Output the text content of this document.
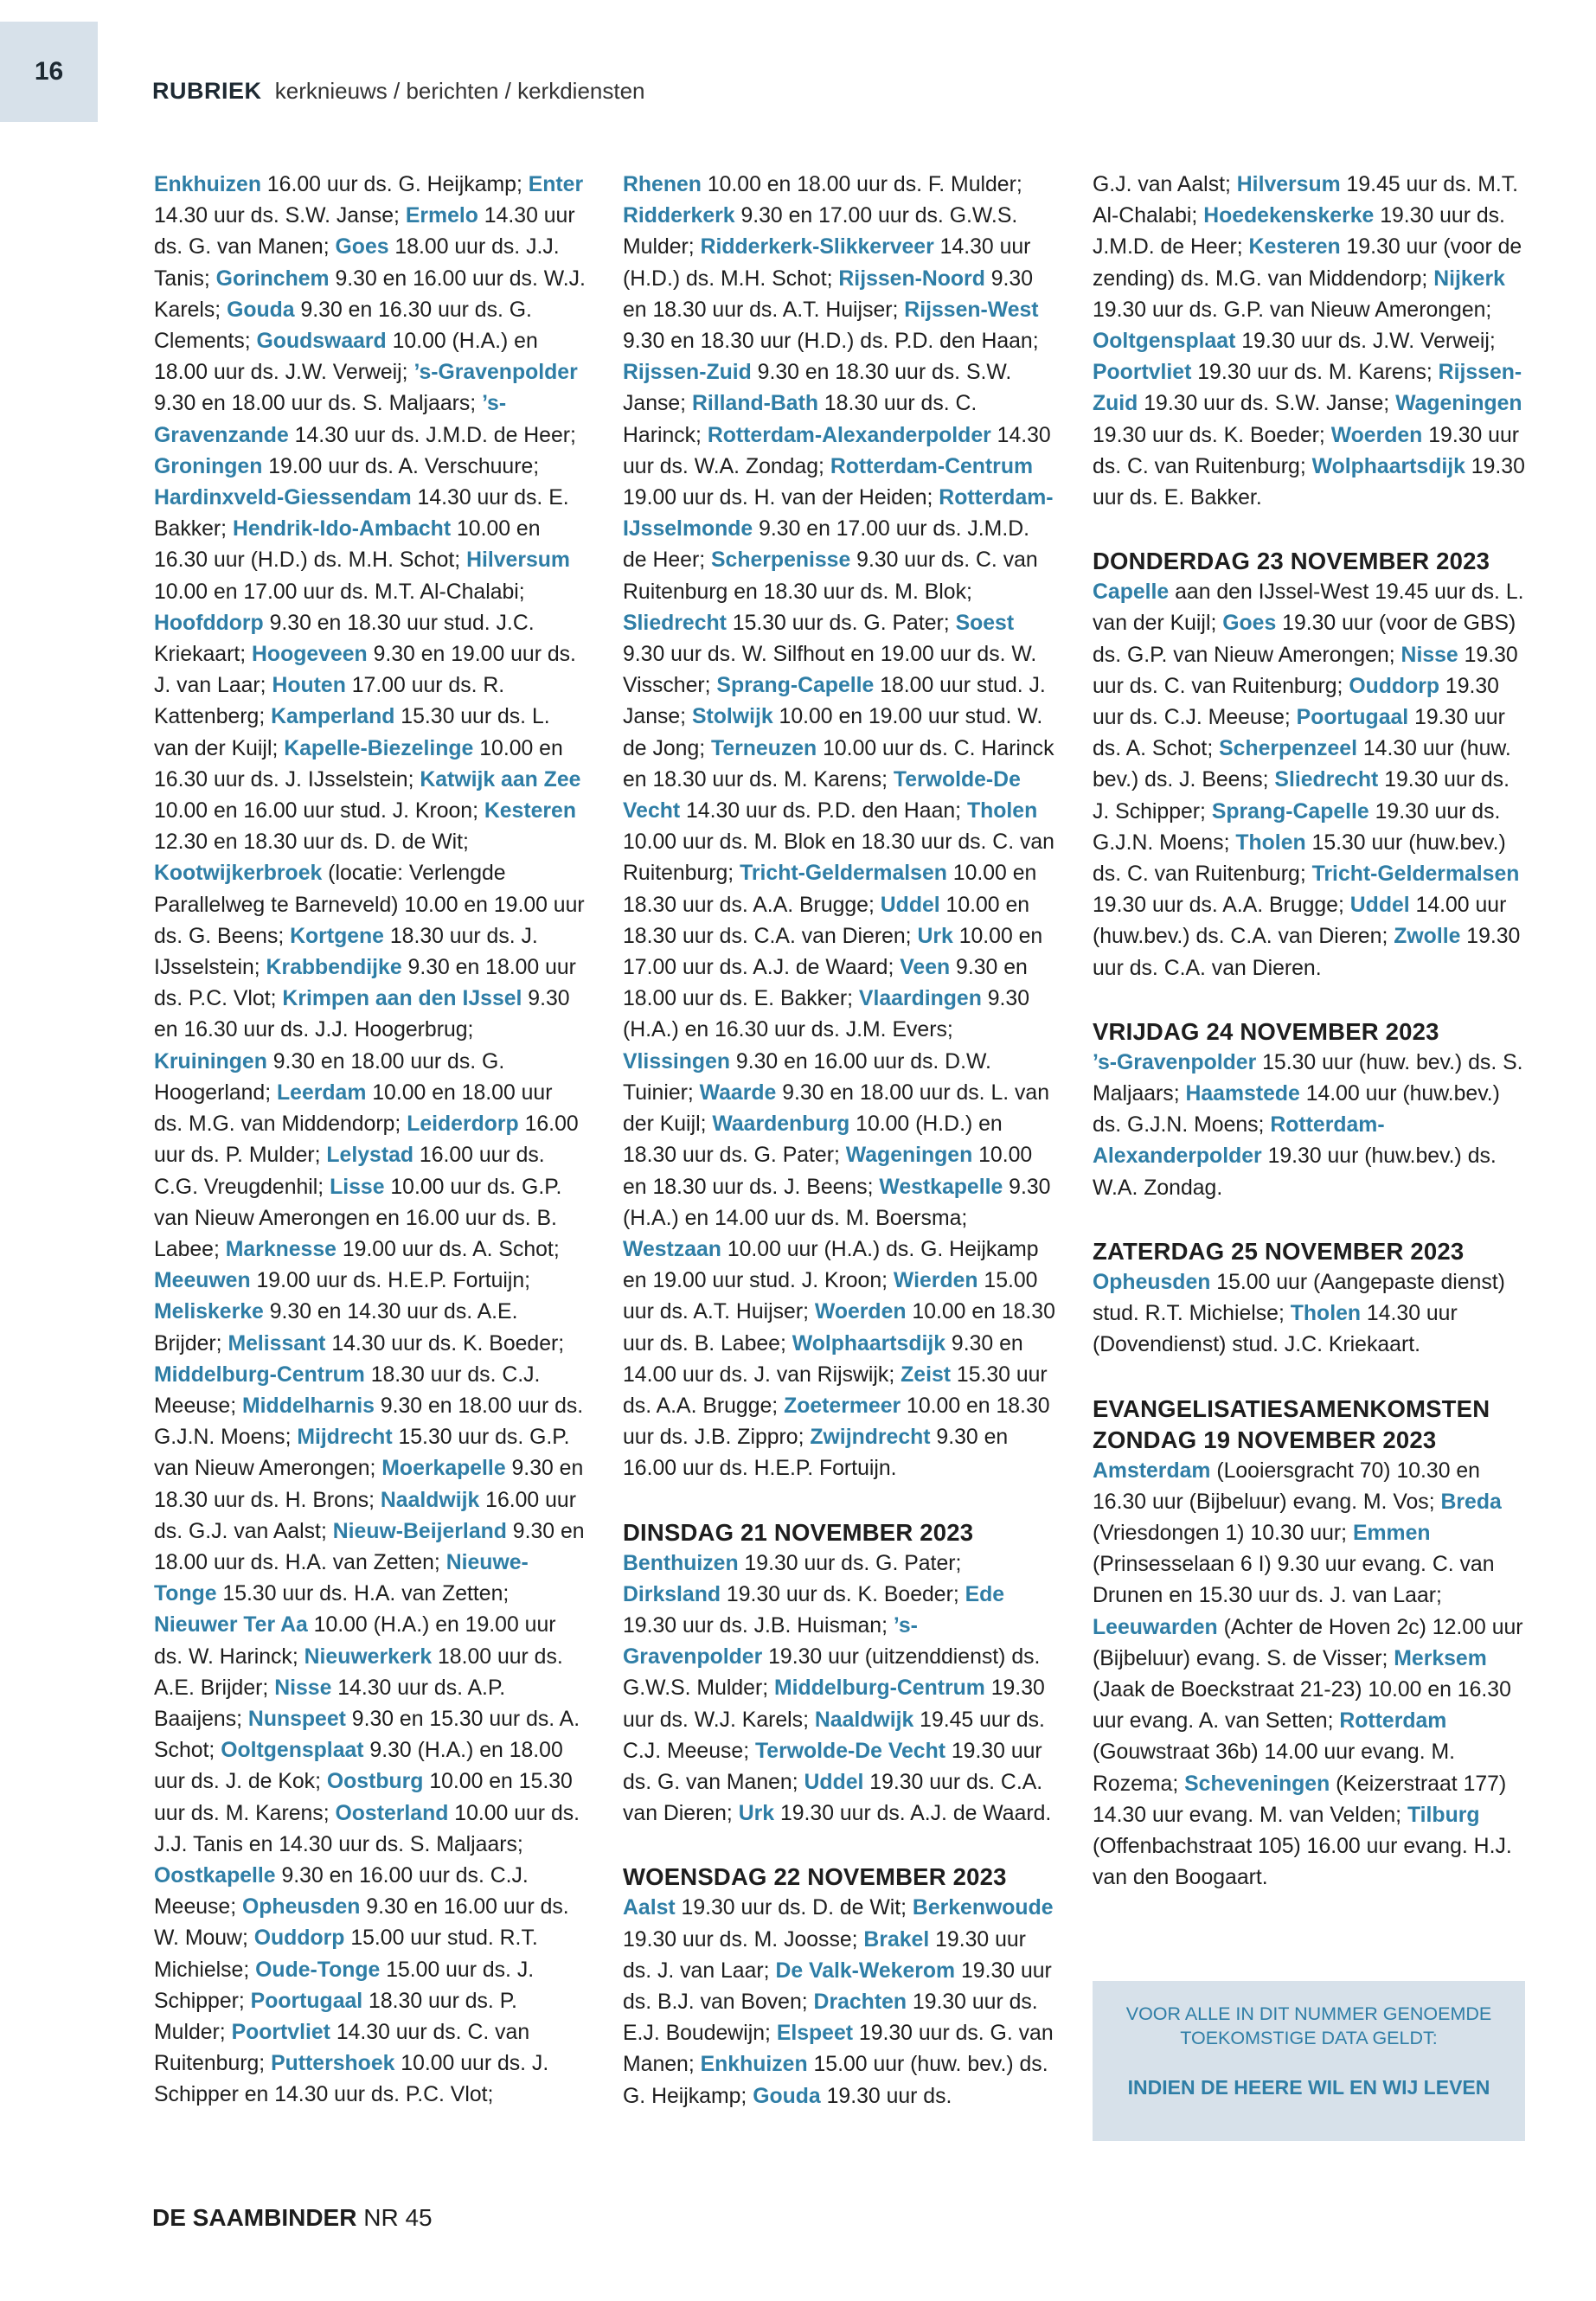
16
RUBRIEK kerknieuws / berichten / kerkdiensten

Enkhuizen 16.00 uur ds. G. Heijkamp; Enter 14.30 uur ds. S.W. Janse; Ermelo 14.30 uur ds. G. van Manen; Goes 18.00 uur ds. J.J. Tanis; Gorinchem 9.30 en 16.00 uur ds. W.J. Karels; Gouda 9.30 en 16.30 uur ds. G. Clements; Goudswaard 10.00 (H.A.) en 18.00 uur ds. J.W. Verweij; ’s-Gravenpolder 9.30 en 18.00 uur ds. S. Maljaars; ’s-Gravenzande 14.30 uur ds. J.M.D. de Heer; Groningen 19.00 uur ds. A. Verschuure; Hardinxveld-Giessendam 14.30 uur ds. E. Bakker; Hendrik-Ido-Ambacht 10.00 en 16.30 uur (H.D.) ds. M.H. Schot; Hilversum 10.00 en 17.00 uur ds. M.T. Al-Chalabi; Hoofddorp 9.30 en 18.30 uur stud. J.C. Kriekaart; Hoogeveen 9.30 en 19.00 uur ds. J. van Laar; Houten 17.00 uur ds. R. Kattenberg; Kamperland 15.30 uur ds. L. van der Kuijl; Kapelle-Biezelinge 10.00 en 16.30 uur ds. J. IJsselstein; Katwijk aan Zee 10.00 en 16.00 uur stud. J. Kroon; Kesteren 12.30 en 18.30 uur ds. D. de Wit; Kootwijkerbroek (locatie: Verlengde Parallelweg te Barneveld) 10.00 en 19.00 uur ds. G. Beens; Kortgene 18.30 uur ds. J. IJsselstein; Krabbendijke 9.30 en 18.00 uur ds. P.C. Vlot; Krimpen aan den IJssel 9.30 en 16.30 uur ds. J.J. Hoogerbrug; Kruiningen 9.30 en 18.00 uur ds. G. Hoogerland; Leerdam 10.00 en 18.00 uur ds. M.G. van Middendorp; Leiderdorp 16.00 uur ds. P. Mulder; Lelystad 16.00 uur ds. C.G. Vreugdenhil; Lisse 10.00 uur ds. G.P. van Nieuw Amerongen en 16.00 uur ds. B. Labee; Marknesse 19.00 uur ds. A. Schot; Meeuwen 19.00 uur ds. H.E.P. Fortuijn; Meliskerke 9.30 en 14.30 uur ds. A.E. Brijder; Melissant 14.30 uur ds. K. Boeder; Middelburg-Centrum 18.30 uur ds. C.J. Meeuse; Middelharnis 9.30 en 18.00 uur ds. G.J.N. Moens; Mijdrecht 15.30 uur ds. G.P. van Nieuw Amerongen; Moerkapelle 9.30 en 18.30 uur ds. H. Brons; Naaldwijk 16.00 uur ds. G.J. van Aalst; Nieuw-Beijerland 9.30 en 18.00 uur ds. H.A. van Zetten; Nieuwe-Tonge 15.30 uur ds. H.A. van Zetten; Nieuwer Ter Aa 10.00 (H.A.) en 19.00 uur ds. W. Harinck; Nieuwerkerk 18.00 uur ds. A.E. Brijder; Nisse 14.30 uur ds. A.P. Baaijens; Nunspeet 9.30 en 15.30 uur ds. A. Schot; Ooltgensplaat 9.30 (H.A.) en 18.00 uur ds. J. de Kok; Oostburg 10.00 en 15.30 uur ds. M. Karens; Oosterland 10.00 uur ds. J.J. Tanis en 14.30 uur ds. S. Maljaars; Oostkapelle 9.30 en 16.00 uur ds. C.J. Meeuse; Opheusden 9.30 en 16.00 uur ds. W. Mouw; Ouddorp 15.00 uur stud. R.T. Michielse; Oude-Tonge 15.00 uur ds. J. Schipper; Poortugaal 18.30 uur ds. P. Mulder; Poortvliet 14.30 uur ds. C. van Ruitenburg; Puttershoek 10.00 uur ds. J. Schipper en 14.30 uur ds. P.C. Vlot;

Rhenen 10.00 en 18.00 uur ds. F. Mulder; Ridderkerk 9.30 en 17.00 uur ds. G.W.S. Mulder; Ridderkerk-Slikkerveer 14.30 uur (H.D.) ds. M.H. Schot; Rijssen-Noord 9.30 en 18.30 uur ds. A.T. Huijser; Rijssen-West 9.30 en 18.30 uur (H.D.) ds. P.D. den Haan; Rijssen-Zuid 9.30 en 18.30 uur ds. S.W. Janse; Rilland-Bath 18.30 uur ds. C. Harinck; Rotterdam-Alexanderpolder 14.30 uur ds. W.A. Zondag; Rotterdam-Centrum 19.00 uur ds. H. van der Heiden; Rotterdam-IJsselmonde 9.30 en 17.00 uur ds. J.M.D. de Heer; Scherpenisse 9.30 uur ds. C. van Ruitenburg en 18.30 uur ds. M. Blok; Sliedrecht 15.30 uur ds. G. Pater; Soest 9.30 uur ds. W. Silfhout en 19.00 uur ds. W. Visscher; Sprang-Capelle 18.00 uur stud. J. Janse; Stolwijk 10.00 en 19.00 uur stud. W. de Jong; Terneuzen 10.00 uur ds. C. Harinck en 18.30 uur ds. M. Karens; Terwolde-De Vecht 14.30 uur ds. P.D. den Haan; Tholen 10.00 uur ds. M. Blok en 18.30 uur ds. C. van Ruitenburg; Tricht-Geldermalsen 10.00 en 18.30 uur ds. A.A. Brugge; Uddel 10.00 en 18.30 uur ds. C.A. van Dieren; Urk 10.00 en 17.00 uur ds. A.J. de Waard; Veen 9.30 en 18.00 uur ds. E. Bakker; Vlaardingen 9.30 (H.A.) en 16.30 uur ds. J.M. Evers; Vlissingen 9.30 en 16.00 uur ds. D.W. Tuinier; Waarde 9.30 en 18.00 uur ds. L. van der Kuijl; Waardenburg 10.00 (H.D.) en 18.30 uur ds. G. Pater; Wageningen 10.00 en 18.30 uur ds. J. Beens; Westkapelle 9.30 (H.A.) en 14.00 uur ds. M. Boersma; Westzaan 10.00 uur (H.A.) ds. G. Heijkamp en 19.00 uur stud. J. Kroon; Wierden 15.00 uur ds. A.T. Huijser; Woerden 10.00 en 18.30 uur ds. B. Labee; Wolphaartsdijk 9.30 en 14.00 uur ds. J. van Rijswijk; Zeist 15.30 uur ds. A.A. Brugge; Zoetermeer 10.00 en 18.30 uur ds. J.B. Zippro; Zwijndrecht 9.30 en 16.00 uur ds. H.E.P. Fortuijn.

DINSDAG 21 NOVEMBER 2023

Benthuizen 19.30 uur ds. G. Pater; Dirksland 19.30 uur ds. K. Boeder; Ede 19.30 uur ds. J.B. Huisman; ’s-Gravenpolder 19.30 uur (uitzenddienst) ds. G.W.S. Mulder; Middelburg-Centrum 19.30 uur ds. W.J. Karels; Naaldwijk 19.45 uur ds. C.J. Meeuse; Terwolde-De Vecht 19.30 uur ds. G. van Manen; Uddel 19.30 uur ds. C.A. van Dieren; Urk 19.30 uur ds. A.J. de Waard.

WOENSDAG 22 NOVEMBER 2023

Aalst 19.30 uur ds. D. de Wit; Berkenwoude 19.30 uur ds. M. Joosse; Brakel 19.30 uur ds. J. van Laar; De Valk-Wekerom 19.30 uur ds. B.J. van Boven; Drachten 19.30 uur ds. E.J. Boudewijn; Elspeet 19.30 uur ds. G. van Manen; Enkhuizen 15.00 uur (huw. bev.) ds. G. Heijkamp; Gouda 19.30 uur ds.

G.J. van Aalst; Hilversum 19.45 uur ds. M.T. Al-Chalabi; Hoedekenskerke 19.30 uur ds. J.M.D. de Heer; Kesteren 19.30 uur (voor de zending) ds. M.G. van Middendorp; Nijkerk 19.30 uur ds. G.P. van Nieuw Amerongen; Ooltgensplaat 19.30 uur ds. J.W. Verweij; Poortvliet 19.30 uur ds. M. Karens; Rijssen-Zuid 19.30 uur ds. S.W. Janse; Wageningen 19.30 uur ds. K. Boeder; Woerden 19.30 uur ds. C. van Ruitenburg; Wolphaartsdijk 19.30 uur ds. E. Bakker.

DONDERDAG 23 NOVEMBER 2023

Capelle aan den IJssel-West 19.45 uur ds. L. van der Kuijl; Goes 19.30 uur (voor de GBS) ds. G.P. van Nieuw Amerongen; Nisse 19.30 uur ds. C. van Ruitenburg; Ouddorp 19.30 uur ds. C.J. Meeuse; Poortugaal 19.30 uur ds. A. Schot; Scherpenzeel 14.30 uur (huw. bev.) ds. J. Beens; Sliedrecht 19.30 uur ds. J. Schipper; Sprang-Capelle 19.30 uur ds. G.J.N. Moens; Tholen 15.30 uur (huw.bev.) ds. C. van Ruitenburg; Tricht-Geldermalsen 19.30 uur ds. A.A. Brugge; Uddel 14.00 uur (huw.bev.) ds. C.A. van Dieren; Zwolle 19.30 uur ds. C.A. van Dieren.

VRIJDAG 24 NOVEMBER 2023

’s-Gravenpolder 15.30 uur (huw. bev.) ds. S. Maljaars; Haamstede 14.00 uur (huw.bev.) ds. G.J.N. Moens; Rotterdam-Alexanderpolder 19.30 uur (huw.bev.) ds. W.A. Zondag.

ZATERDAG 25 NOVEMBER 2023

Opheusden 15.00 uur (Aangepaste dienst) stud. R.T. Michielse; Tholen 14.30 uur (Dovendienst) stud. J.C. Kriekaart.

EVANGELISATIESAMENKOMSTEN
ZONDAG 19 NOVEMBER 2023

Amsterdam (Looiersgracht 70) 10.30 en 16.30 uur (Bijbeluur) evang. M. Vos; Breda (Vriesdongen 1) 10.30 uur; Emmen (Prinsesselaan 6 I) 9.30 uur evang. C. van Drunen en 15.30 uur ds. J. van Laar; Leeuwarden (Achter de Hoven 2c) 12.00 uur (Bijbeluur) evang. S. de Visser; Merksem (Jaak de Boeckstraat 21-23) 10.00 en 16.30 uur evang. A. van Setten; Rotterdam (Gouwstraat 36b) 14.00 uur evang. M. Rozema; Scheveningen (Keizerstraat 177) 14.30 uur evang. M. van Velden; Tilburg (Offenbachstraat 105) 16.00 uur evang. H.J. van den Boogaart.

VOOR ALLE IN DIT NUMMER GENOEMDE TOEKOMSTIGE DATA GELDT:
INDIEN DE HEERE WIL EN WIJ LEVEN
DE SAAMBINDER NR 45
